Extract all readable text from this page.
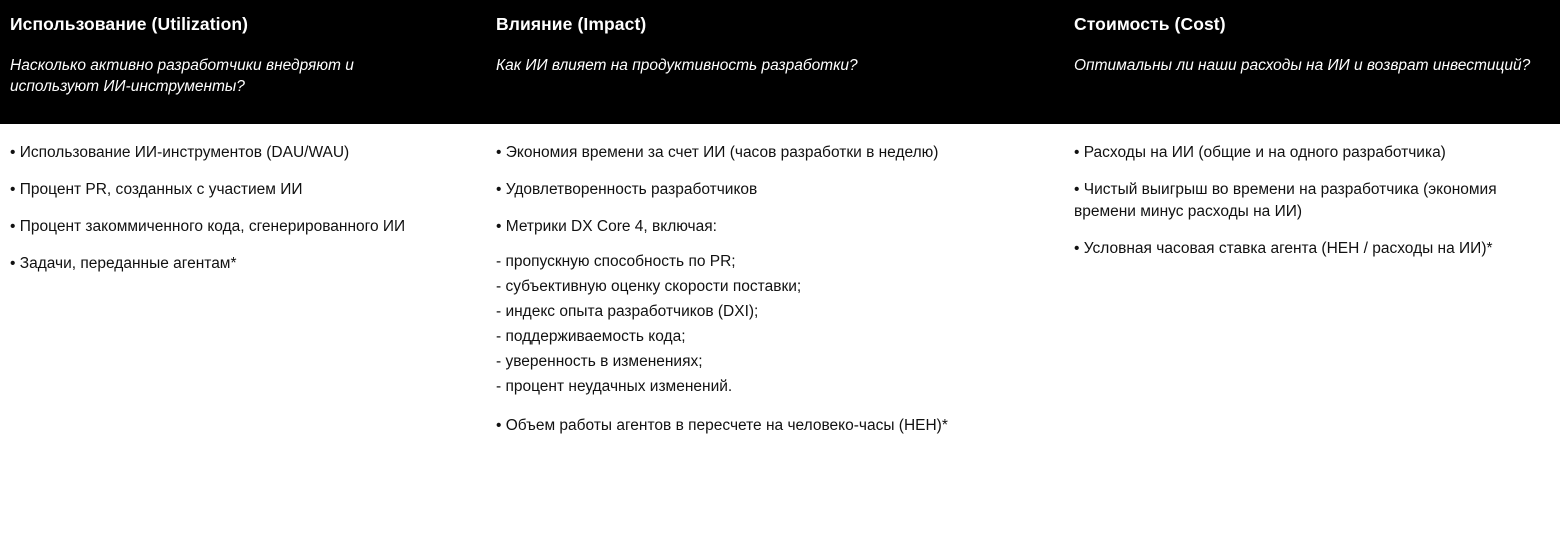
Использование (Utilization)
Насколько активно разработчики внедряют и используют ИИ-инструменты?
• Использование ИИ-инструментов (DAU/WAU)
• Процент PR, созданных с участием ИИ
• Процент закоммиченного кода, сгенерированного ИИ
• Задачи, переданные агентам*
Влияние (Impact)
Как ИИ влияет на продуктивность разработки?
• Экономия времени за счет ИИ (часов разработки в неделю)
• Удовлетворенность разработчиков
• Метрики DX Core 4, включая:
- пропускную способность по PR;
- субъективную оценку скорости поставки;
- индекс опыта разработчиков (DXI);
- поддерживаемость кода;
- уверенность в изменениях;
- процент неудачных изменений.
• Объем работы агентов в пересчете на человеко-часы (HEH)*
Стоимость (Cost)
Оптимальны ли наши расходы на ИИ и возврат инвестиций?
• Расходы на ИИ (общие и на одного разработчика)
• Чистый выигрыш во времени на разработчика (экономия времени минус расходы на ИИ)
• Условная часовая ставка агента (HEH / расходы на ИИ)*
